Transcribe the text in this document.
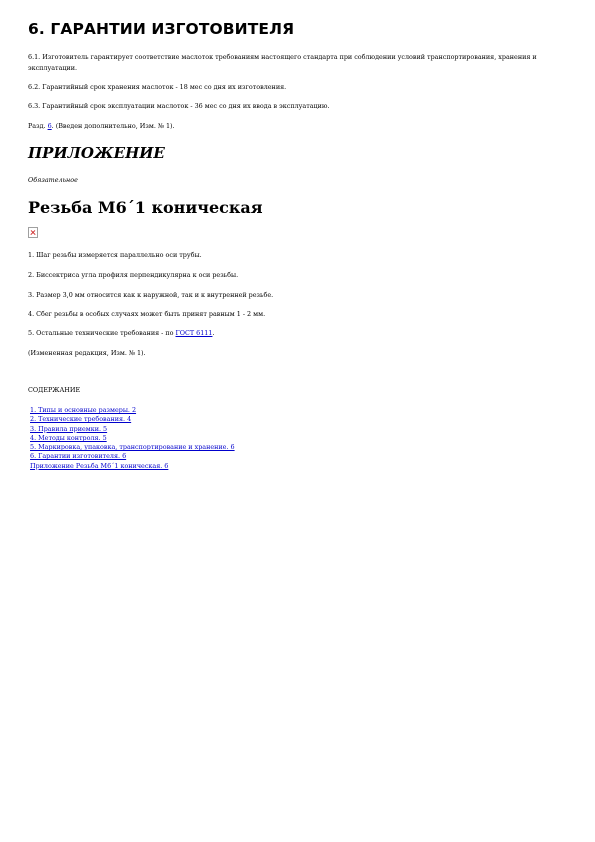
6. ГАРАНТИИ ИЗГОТОВИТЕЛЯ

6.1. Изготовитель гарантирует соответствие маслоток требованиям настоящего стандарта при соблюдении условий транспортирования, хранения и эксплуатации.

6.2. Гарантийный срок хранения маслоток - 18 мес со дня их изготовления.

6.3. Гарантийный срок эксплуатации маслоток - 36 мес со дня их ввода в эксплуатацию.

Разд. 6. (Введен дополнительно, Изм. № 1).

ПРИЛОЖЕНИЕ

Обязательное

Резьба М6´1 коническая

1. Шаг резьбы измеряется параллельно оси трубы.

2. Биссектриса угла профиля перпендикулярна к оси резьбы.

3. Размер 3,0 мм относится как к наружной, так и к внутренней резьбе.

4. Сбег резьбы в особых случаях может быть принят равным 1 - 2 мм.

5. Остальные технические требования - по ГОСТ 6111.

(Измененная редакция, Изм. № 1).

СОДЕРЖАНИЕ

1. Типы и основные размеры. 2
2. Технические требования. 4
3. Правила приемки. 5
4. Методы контроля. 5
5. Маркировка, упаковка, транспортирование и хранение. 6
6. Гарантии изготовителя. 6
Приложение Резьба М6´1 коническая. 6
